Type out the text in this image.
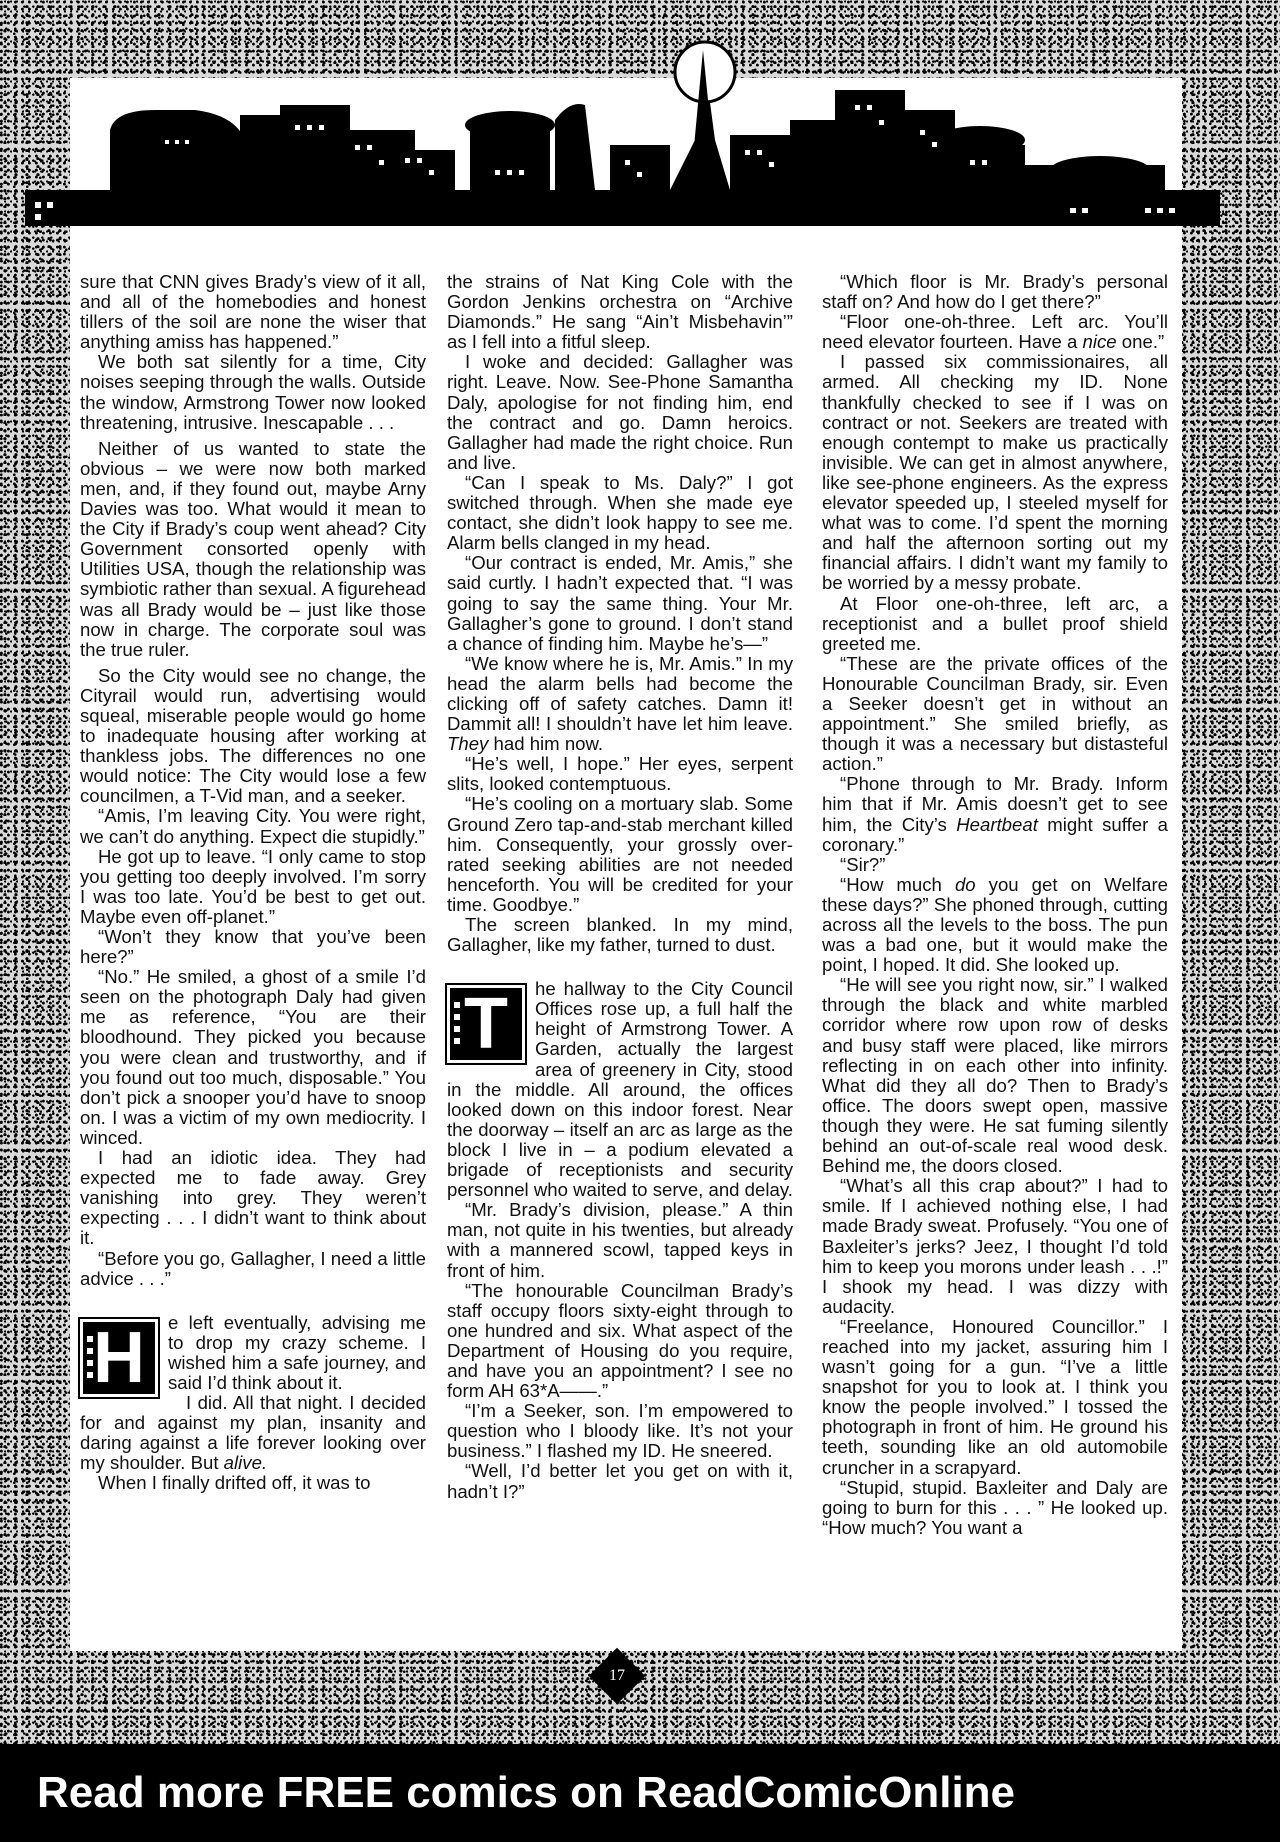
sure that CNN gives Brady’s view of it all, and all of the homebodies and honest tillers of the soil are none the wiser that anything amiss has happened.”

We both sat silently for a time, City noises seeping through the walls. Outside the window, Armstrong Tower now looked threatening, intrusive. Inescapable . . .

Neither of us wanted to state the obvious – we were now both marked men, and, if they found out, maybe Arny Davies was too. What would it mean to the City if Brady’s coup went ahead? City Government consorted openly with Utilities USA, though the relationship was symbiotic rather than sexual. A figurehead was all Brady would be – just like those now in charge. The corporate soul was the true ruler.

So the City would see no change, the Cityrail would run, advertising would squeal, miserable people would go home to inadequate housing after working at thankless jobs. The differences no one would notice: The City would lose a few councilmen, a T-Vid man, and a seeker.

“Amis, I’m leaving City. You were right, we can’t do anything. Expect die stupidly.”

He got up to leave. “I only came to stop you getting too deeply involved. I’m sorry I was too late. You’d be best to get out. Maybe even off-planet.”

“Won’t they know that you’ve been here?”

“No.” He smiled, a ghost of a smile I’d seen on the photograph Daly had given me as reference, “You are their bloodhound. They picked you because you were clean and trustworthy, and if you found out too much, disposable.” You don’t pick a snooper you’d have to snoop on. I was a victim of my own mediocrity. I winced.

I had an idiotic idea. They had expected me to fade away. Grey vanishing into grey. They weren’t expecting . . . I didn’t want to think about it.

“Before you go, Gallagher, I need a little advice . . .”

H	e left eventually, advising me to drop my crazy scheme. I wished him a safe journey, and said I’d think about it.

I did. All that night. I decided for and against my plan, insanity and daring against a life forever looking over my shoulder. But alive.

When I finally drifted off, it was to

the strains of Nat King Cole with the Gordon Jenkins orchestra on “Archive Diamonds.” He sang “Ain’t Misbehavin’” as I fell into a fitful sleep.

I woke and decided: Gallagher was right. Leave. Now. See-Phone Samantha Daly, apologise for not finding him, end the contract and go. Damn heroics. Gallagher had made the right choice. Run and live.

“Can I speak to Ms. Daly?” I got switched through. When she made eye contact, she didn’t look happy to see me. Alarm bells clanged in my head.

“Our contract is ended, Mr. Amis,” she said curtly. I hadn’t expected that. “I was going to say the same thing. Your Mr. Gallagher’s gone to ground. I don’t stand a chance of finding him. Maybe he’s—”

“We know where he is, Mr. Amis.” In my head the alarm bells had become the clicking off of safety catches. Damn it! Dammit all! I shouldn’t have let him leave. They had him now.

“He’s well, I hope.” Her eyes, serpent slits, looked contemptuous.

“He’s cooling on a mortuary slab. Some Ground Zero tap-and-stab merchant killed him. Consequently, your grossly over-rated seeking abilities are not needed henceforth. You will be credited for your time. Goodbye.”

The screen blanked. In my mind, Gallagher, like my father, turned to dust.

T	he hallway to the City Council Offices rose up, a full half the height of Armstrong Tower. A Garden, actually the largest area of greenery in City, stood in the middle. All around, the offices looked down on this indoor forest. Near the doorway – itself an arc as large as the block I live in – a podium elevated a brigade of receptionists and security personnel who waited to serve, and delay.

“Mr. Brady’s division, please.” A thin man, not quite in his twenties, but already with a mannered scowl, tapped keys in front of him.

“The honourable Councilman Brady’s staff occupy floors sixty-eight through to one hundred and six. What aspect of the Department of Housing do you require, and have you an appointment? I see no form AH 63*A——.”

“I’m a Seeker, son. I’m empowered to question who I bloody like. It’s not your business.” I flashed my ID. He sneered.

“Well, I’d better let you get on with it, hadn’t I?”

“Which floor is Mr. Brady’s personal staff on? And how do I get there?”

“Floor one-oh-three. Left arc. You’ll need elevator fourteen. Have a nice one.”

I passed six commissionaires, all armed. All checking my ID. None thankfully checked to see if I was on contract or not. Seekers are treated with enough contempt to make us practically invisible. We can get in almost anywhere, like see-phone engineers. As the express elevator speeded up, I steeled myself for what was to come. I’d spent the morning and half the afternoon sorting out my financial affairs. I didn’t want my family to be worried by a messy probate.

At Floor one-oh-three, left arc, a receptionist and a bullet proof shield greeted me.

“These are the private offices of the Honourable Councilman Brady, sir. Even a Seeker doesn’t get in without an appointment.” She smiled briefly, as though it was a necessary but distasteful action.”

“Phone through to Mr. Brady. Inform him that if Mr. Amis doesn’t get to see him, the City’s Heartbeat might suffer a coronary.”

“Sir?”

“How much do you get on Welfare these days?” She phoned through, cutting across all the levels to the boss. The pun was a bad one, but it would make the point, I hoped. It did. She looked up.

“He will see you right now, sir.” I walked through the black and white marbled corridor where row upon row of desks and busy staff were placed, like mirrors reflecting in on each other into infinity. What did they all do? Then to Brady’s office. The doors swept open, massive though they were. He sat fuming silently behind an out-of-scale real wood desk. Behind me, the doors closed.

“What’s all this crap about?” I had to smile. If I achieved nothing else, I had made Brady sweat. Profusely. “You one of Baxleiter’s jerks? Jeez, I thought I’d told him to keep you morons under leash . . .!” I shook my head. I was dizzy with audacity.

“Freelance, Honoured Councillor.” I reached into my jacket, assuring him I wasn’t going for a gun. “I’ve a little snapshot for you to look at. I think you know the people involved.” I tossed the photograph in front of him. He ground his teeth, sounding like an old automobile cruncher in a scrapyard.

“Stupid, stupid. Baxleiter and Daly are going to burn for this . . . ” He looked up. “How much? You want a

17
Read more FREE comics on ReadComicOnline
